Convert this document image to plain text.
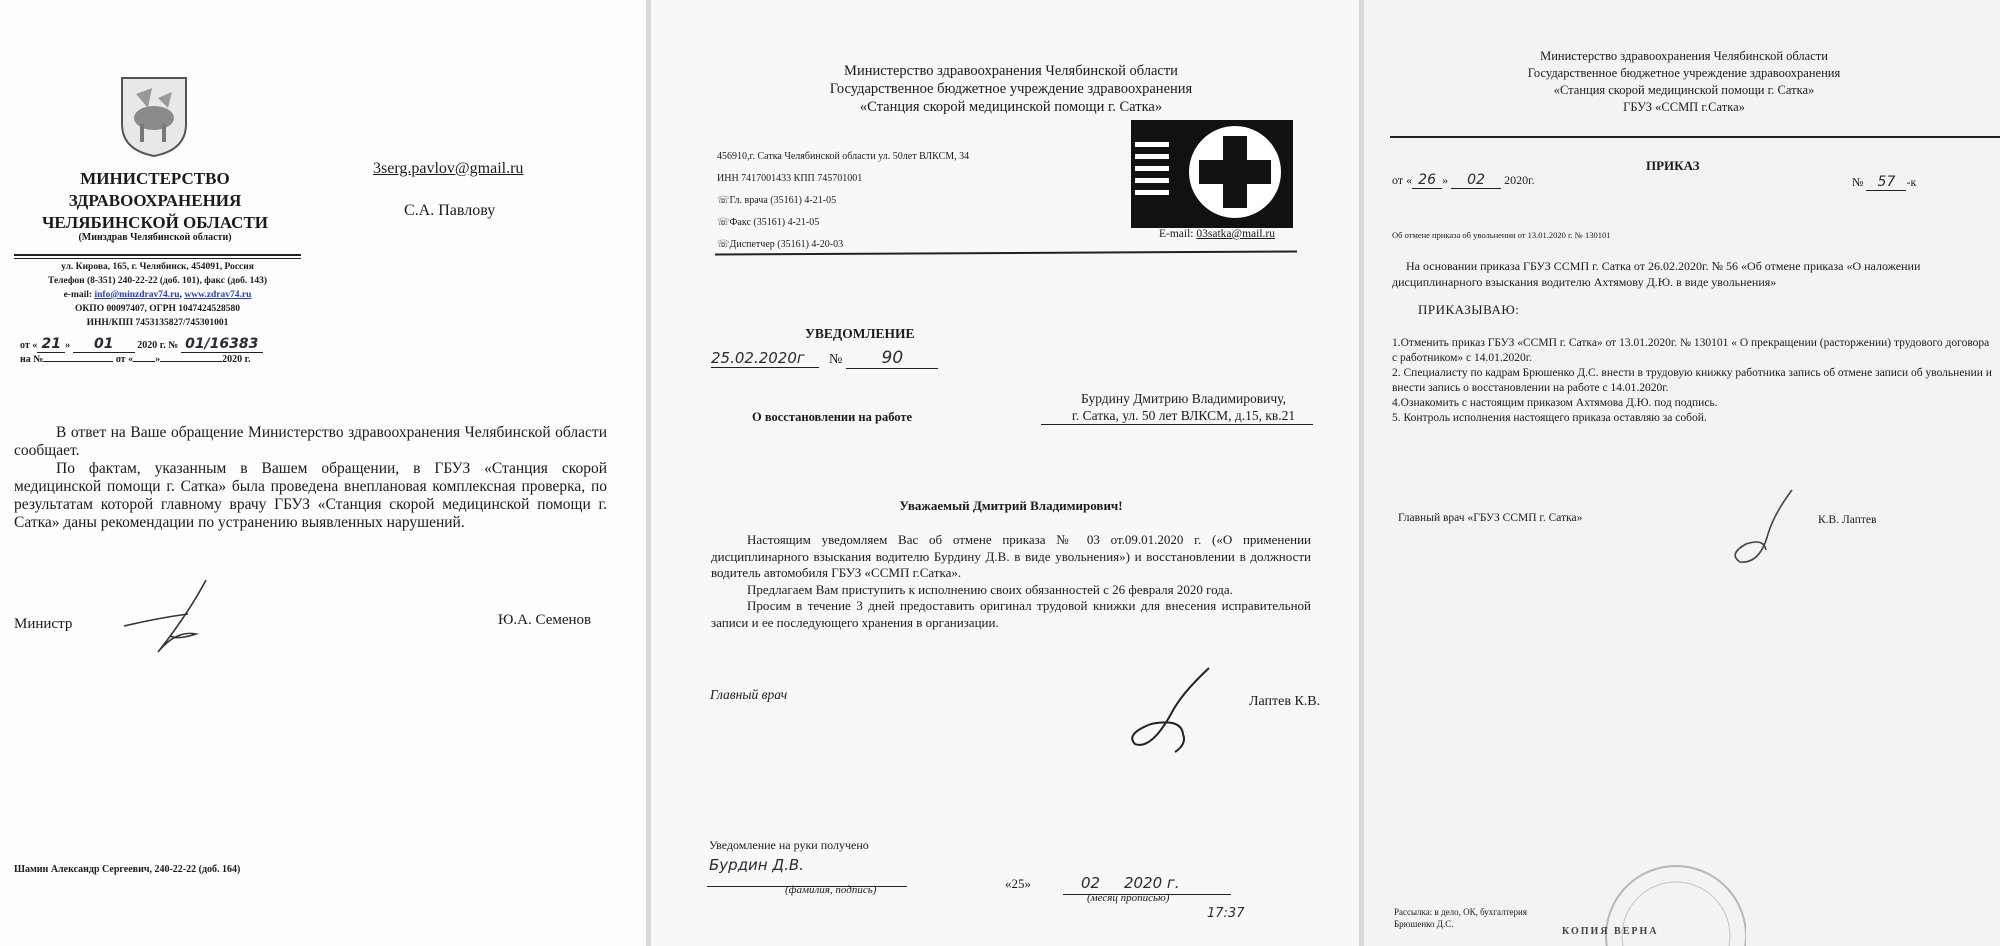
МИНИСТЕРСТВО
ЗДРАВООХРАНЕНИЯ
ЧЕЛЯБИНСКОЙ ОБЛАСТИ
(Минздрав Челябинской области)
ул. Кирова, 165, г. Челябинск, 454091, Россия
Телефон (8-351) 240-22-22 (доб. 101), факс (доб. 143)
e-mail: info@minzdrav74.ru, www.zdrav74.ru
ОКПО 00097407, ОГРН 1047424528580
ИНН/КПП 7453135827/745301001
3serg.pavlov@gmail.ru
С.А. Павлову
от « 21 » 01 2020 г. № 01/16383
на №	от « »	2020 г.
В ответ на Ваше обращение Министерство здравоохранения Челябинской области сообщает.
По фактам, указанным в Вашем обращении, в ГБУЗ «Станция скорой медицинской помощи г. Сатка» была проведена внеплановая комплексная проверка, по результатам которой главному врачу ГБУЗ «Станция скорой медицинской помощи г. Сатка» даны рекомендации по устранению выявленных нарушений.
Министр	Ю.А. Семенов
Шамин Александр Сергеевич, 240-22-22 (доб. 164)
Министерство здравоохранения Челябинской области
Государственное бюджетное учреждение здравоохранения
«Станция скорой медицинской помощи г. Сатка»
456910,г. Сатка Челябинской области ул. 50лет ВЛКСМ, 34
ИНН 7417001433 КПП 745701001
☏Гл. врача (35161) 4-21-05
☏Факс (35161) 4-21-05
☏Диспетчер (35161) 4-20-03
E-mail: 03satka@mail.ru
УВЕДОМЛЕНИЕ
25.02.2020г № 90
О восстановлении на работе
Бурдину Дмитрию Владимировичу,
г. Сатка, ул. 50 лет ВЛКСМ, д.15, кв.21
Уважаемый Дмитрий Владимирович!
Настоящим уведомляем Вас об отмене приказа № 03 от.09.01.2020 г. («О применении дисциплинарного взыскания водителю Бурдину Д.В. в виде увольнения») и восстановлении в должности водитель автомобиля ГБУЗ «ССМП г.Сатка».
Предлагаем Вам приступить к исполнению своих обязанностей с 26 февраля 2020 года.
Просим в течение 3 дней предоставить оригинал трудовой книжки для внесения исправительной записи и ее последующего хранения в организации.
Главный врач	Лаптев К.В.
Уведомление на руки получено
Бурдин Д.В.
(фамилия, подпись)	«25»	02 2020 г.
(месяц прописью)
17:37
Министерство здравоохранения Челябинской области
Государственное бюджетное учреждение здравоохранения
«Станция скорой медицинской помощи г. Сатка»
ГБУЗ «ССМП г.Сатка»
ПРИКАЗ
от « 26 » 02 2020г.	№ 57 -к
Об отмене приказа об увольнении от 13.01.2020 г. № 130101
На основании приказа ГБУЗ ССМП г. Сатка от 26.02.2020г. № 56 «Об отмене приказа «О наложении дисциплинарного взыскания водителю Ахтямову Д.Ю. в виде увольнения»
ПРИКАЗЫВАЮ:
1.Отменить приказ ГБУЗ «ССМП г. Сатка» от 13.01.2020г. № 130101 « О прекращении (расторжении) трудового договора с работником» с 14.01.2020г.
2. Специалисту по кадрам Брюшенко Д.С. внести в трудовую книжку работника запись об отмене записи об увольнении и внести запись о восстановлении на работе с 14.01.2020г.
4.Ознакомить с настоящим приказом Ахтямова Д.Ю. под подпись.
5. Контроль исполнения настоящего приказа оставляю за собой.
Главный врач «ГБУЗ ССМП г. Сатка»	К.В. Лаптев
Рассылка: в дело, ОК, бухгалтерия
Брюшенко Д.С.
КОПИЯ ВЕРНА
